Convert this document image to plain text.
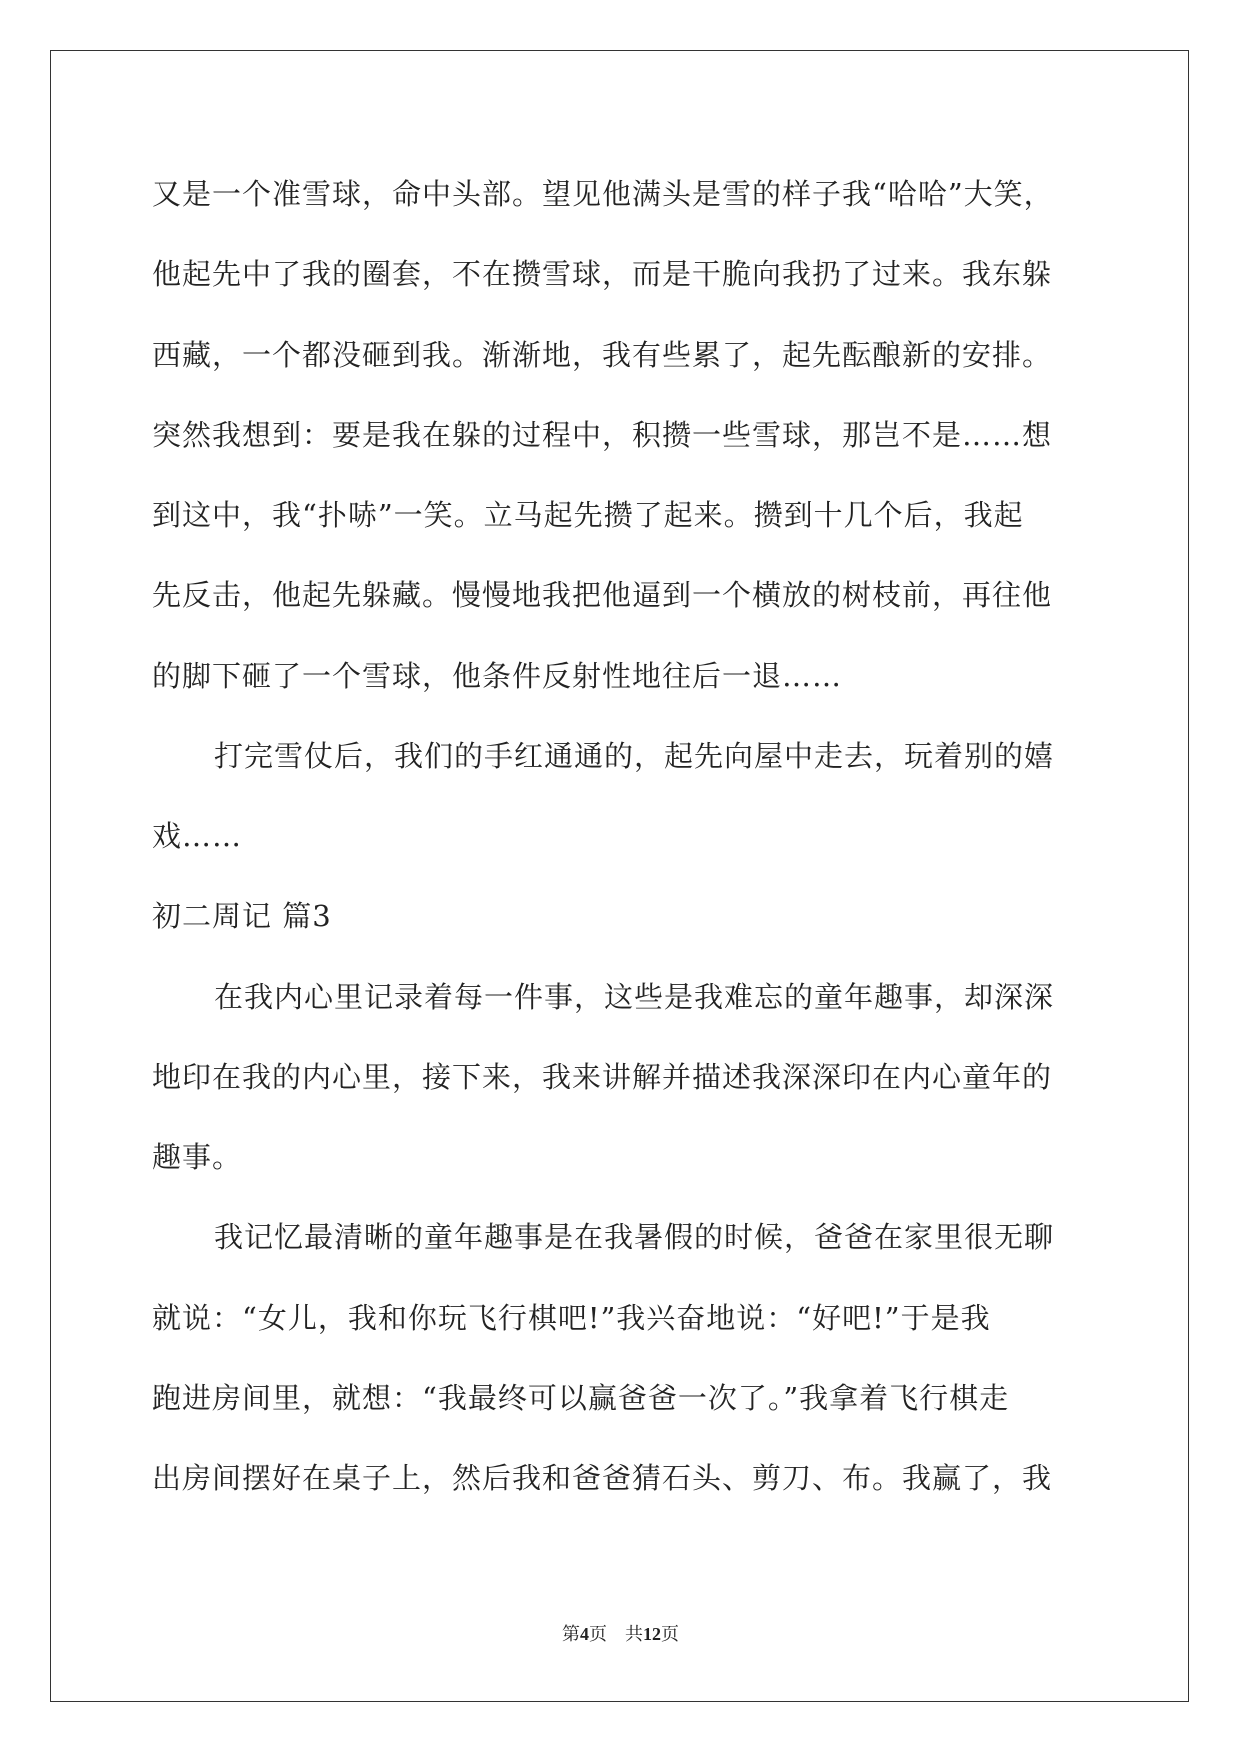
又是一个准雪球，命中头部。望见他满头是雪的样子我“哈哈”大笑，
他起先中了我的圈套，不在攒雪球，而是干脆向我扔了过来。我东躲
西藏，一个都没砸到我。渐渐地，我有些累了，起先酝酿新的安排。
突然我想到：要是我在躲的过程中，积攒一些雪球，那岂不是……想
到这中，我“扑哧”一笑。立马起先攒了起来。攒到十几个后，我起
先反击，他起先躲藏。慢慢地我把他逼到一个横放的树枝前，再往他
的脚下砸了一个雪球，他条件反射性地往后一退……
打完雪仗后，我们的手红通通的，起先向屋中走去，玩着别的嬉
戏……
初二周记 篇3
在我内心里记录着每一件事，这些是我难忘的童年趣事，却深深
地印在我的内心里，接下来，我来讲解并描述我深深印在内心童年的
趣事。
我记忆最清晰的童年趣事是在我暑假的时候，爸爸在家里很无聊
就说：“女儿，我和你玩飞行棋吧!”我兴奋地说：“好吧!”于是我
跑进房间里，就想：“我最终可以赢爸爸一次了。”我拿着飞行棋走
出房间摆好在桌子上，然后我和爸爸猜石头、剪刀、布。我赢了，我
第4页 共12页
